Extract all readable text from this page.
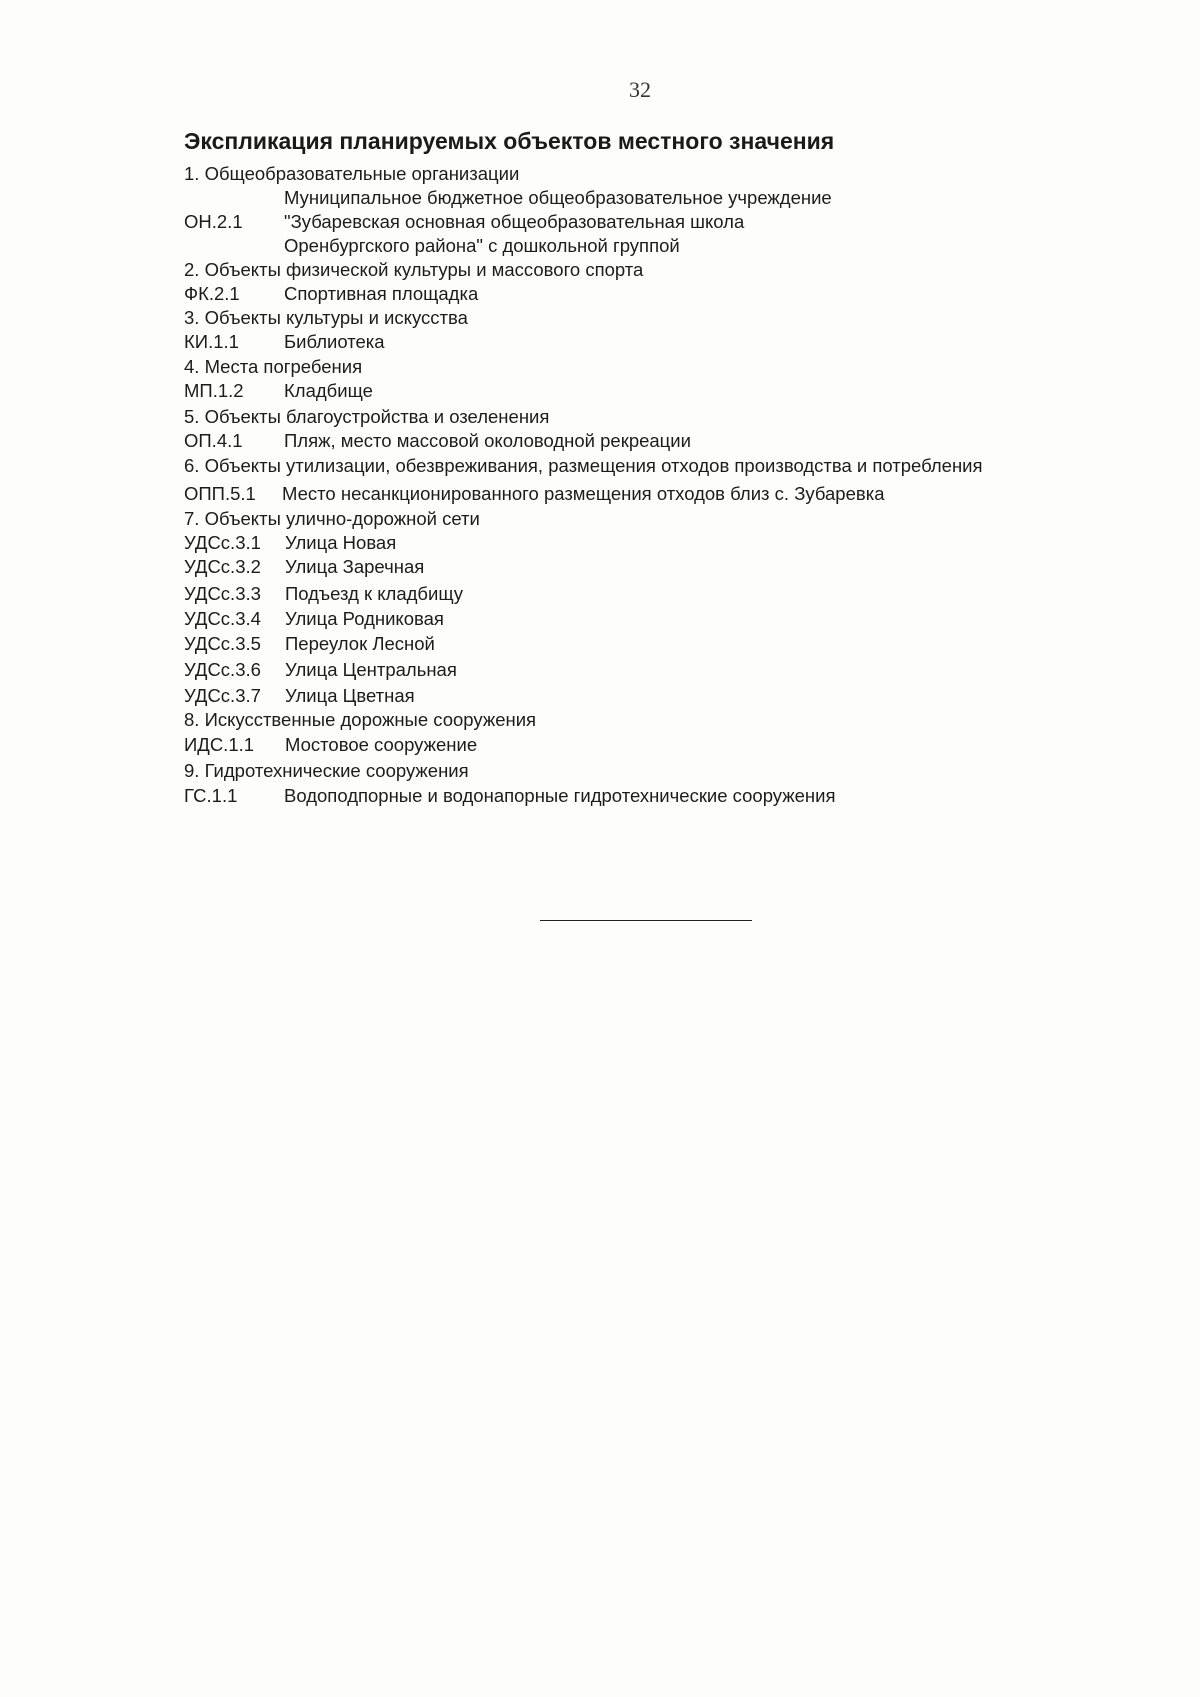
32
Экспликация планируемых объектов местного значения
1. Общеобразовательные организации
Муниципальное бюджетное общеобразовательное учреждение
ОН.2.1 "Зубаревская основная общеобразовательная школа
Оренбургского района" с дошкольной группой
2. Объекты физической культуры и массового спорта
ФК.2.1 Спортивная площадка
3. Объекты культуры и искусства
КИ.1.1 Библиотека
4. Места погребения
МП.1.2 Кладбище
5. Объекты благоустройства и озеленения
ОП.4.1 Пляж, место массовой околоводной рекреации
6. Объекты утилизации, обезвреживания, размещения отходов производства и потребления
ОПП.5.1 Место несанкционированного размещения отходов близ с. Зубаревка
7. Объекты улично-дорожной сети
УДСс.3.1 Улица Новая
УДСс.3.2 Улица Заречная
УДСс.3.3 Подъезд к кладбищу
УДСс.3.4 Улица Родниковая
УДСс.3.5 Переулок Лесной
УДСс.3.6 Улица Центральная
УДСс.3.7 Улица Цветная
8. Искусственные дорожные сооружения
ИДС.1.1 Мостовое сооружение
9. Гидротехнические сооружения
ГС.1.1	Водоподпорные и водонапорные гидротехнические сооружения
